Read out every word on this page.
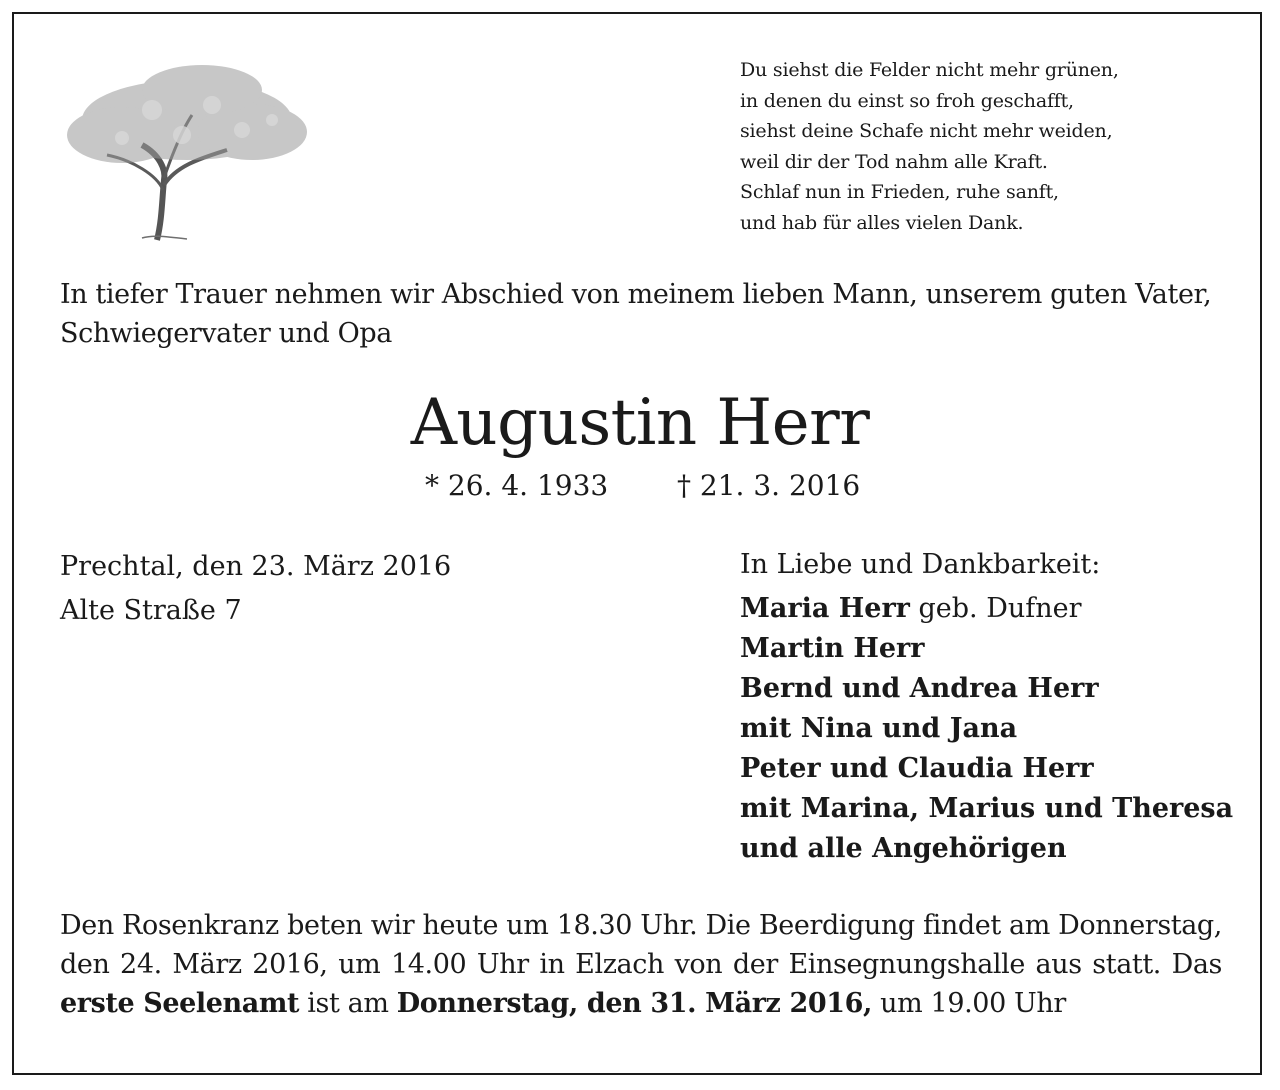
Du siehst die Felder nicht mehr grünen,
in denen du einst so froh geschafft,
siehst deine Schafe nicht mehr weiden,
weil dir der Tod nahm alle Kraft.
Schlaf nun in Frieden, ruhe sanft,
und hab für alles vielen Dank.
In tiefer Trauer nehmen wir Abschied von meinem lieben Mann, unserem guten Vater, Schwiegervater und Opa
Augustin Herr
* 26. 4. 1933 † 21. 3. 2016
Prechtal, den 23. März 2016
Alte Straße 7
In Liebe und Dankbarkeit:
Maria Herr geb. Dufner
Martin Herr
Bernd und Andrea Herr
mit Nina und Jana
Peter und Claudia Herr
mit Marina, Marius und Theresa
und alle Angehörigen
Den Rosenkranz beten wir heute um 18.30 Uhr. Die Beerdigung findet am Donnerstag, den 24. März 2016, um 14.00 Uhr in Elzach von der Einsegnungshalle aus statt. Das erste Seelenamt ist am Donnerstag, den 31. März 2016, um 19.00 Uhr
